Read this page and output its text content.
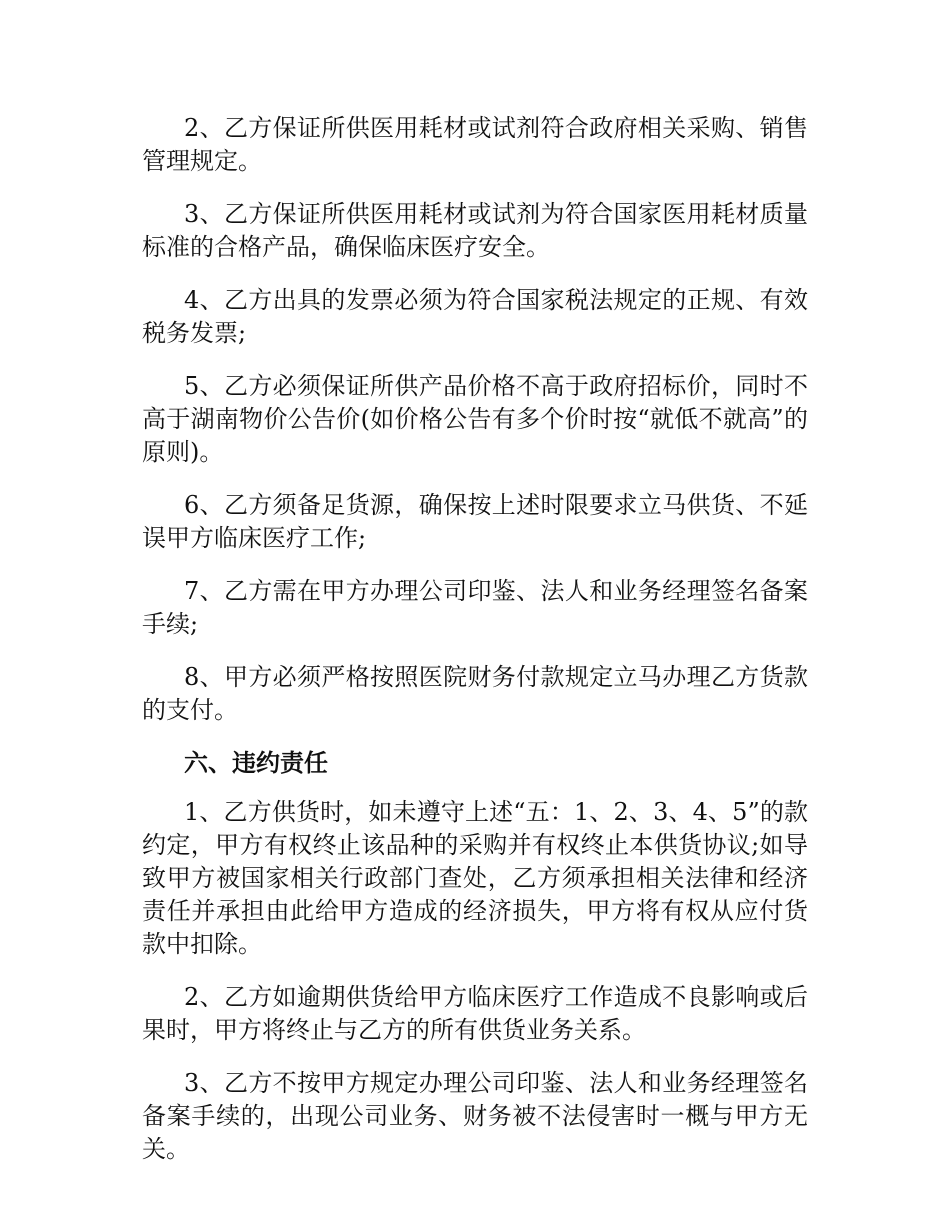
2、乙方保证所供医用耗材或试剂符合政府相关采购、销售管理规定。

3、乙方保证所供医用耗材或试剂为符合国家医用耗材质量标准的合格产品，确保临床医疗安全。

4、乙方出具的发票必须为符合国家税法规定的正规、有效税务发票;

5、乙方必须保证所供产品价格不高于政府招标价，同时不高于湖南物价公告价(如价格公告有多个价时按“就低不就高”的原则)。

6、乙方须备足货源，确保按上述时限要求立马供货、不延误甲方临床医疗工作;

7、乙方需在甲方办理公司印鉴、法人和业务经理签名备案手续;

8、甲方必须严格按照医院财务付款规定立马办理乙方货款的支付。

六、违约责任

1、乙方供货时，如未遵守上述“五：1、2、3、4、5”的款约定，甲方有权终止该品种的采购并有权终止本供货协议;如导致甲方被国家相关行政部门查处，乙方须承担相关法律和经济责任并承担由此给甲方造成的经济损失，甲方将有权从应付货款中扣除。

2、乙方如逾期供货给甲方临床医疗工作造成不良影响或后果时，甲方将终止与乙方的所有供货业务关系。

3、乙方不按甲方规定办理公司印鉴、法人和业务经理签名备案手续的，出现公司业务、财务被不法侵害时一概与甲方无关。
